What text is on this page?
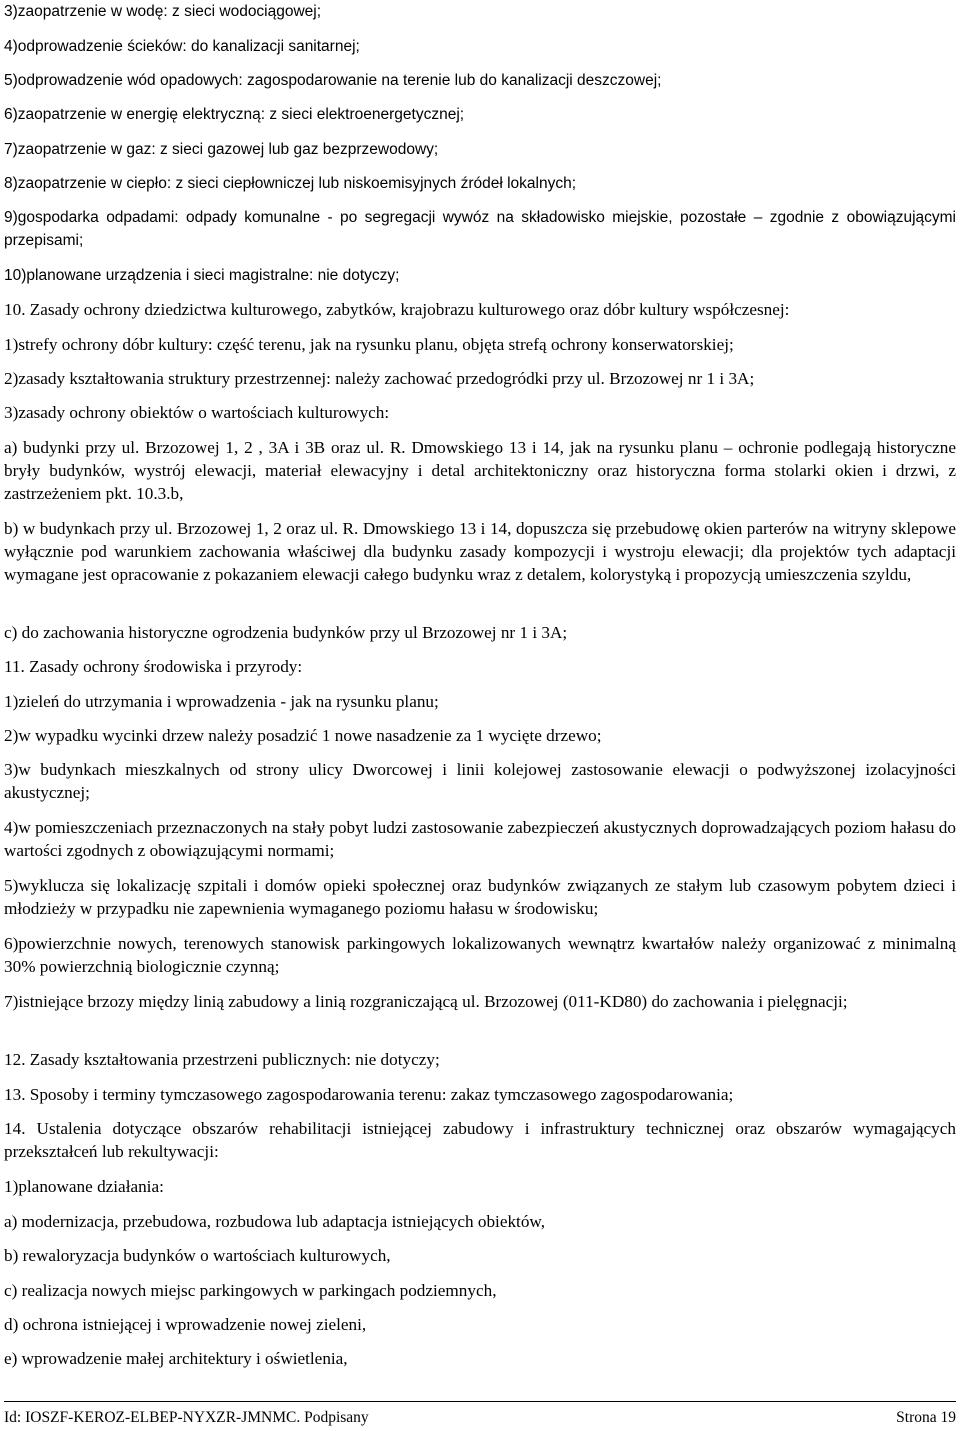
3)zaopatrzenie w wodę: z sieci wodociągowej;

4)odprowadzenie ścieków: do kanalizacji sanitarnej;

5)odprowadzenie wód opadowych: zagospodarowanie na terenie lub do kanalizacji deszczowej;

6)zaopatrzenie w energię elektryczną: z sieci elektroenergetycznej;

7)zaopatrzenie w gaz: z sieci gazowej lub gaz bezprzewodowy;

8)zaopatrzenie w ciepło: z sieci ciepłowniczej lub niskoemisyjnych źródeł lokalnych;

9)gospodarka odpadami: odpady komunalne - po segregacji wywóz na składowisko miejskie, pozostałe – zgodnie z obowiązującymi przepisami;

10)planowane urządzenia i sieci magistralne: nie dotyczy;

10. Zasady ochrony dziedzictwa kulturowego, zabytków, krajobrazu kulturowego oraz dóbr kultury współczesnej:

1)strefy ochrony dóbr kultury: część terenu, jak na rysunku planu, objęta strefą ochrony konserwatorskiej;

2)zasady kształtowania struktury przestrzennej: należy zachować przedogródki przy ul. Brzozowej nr 1 i 3A;

3)zasady ochrony obiektów o wartościach kulturowych:

a) budynki przy ul. Brzozowej 1, 2 , 3A i 3B oraz ul. R. Dmowskiego 13 i 14, jak na rysunku planu – ochronie podlegają historyczne bryły budynków, wystrój elewacji, materiał elewacyjny i detal architektoniczny oraz historyczna forma stolarki okien i drzwi, z zastrzeżeniem pkt. 10.3.b,

b) w budynkach przy ul. Brzozowej 1, 2 oraz ul. R. Dmowskiego 13 i 14, dopuszcza się przebudowę okien parterów na witryny sklepowe wyłącznie pod warunkiem zachowania właściwej dla budynku zasady kompozycji i wystroju elewacji; dla projektów tych adaptacji wymagane jest opracowanie z pokazaniem elewacji całego budynku wraz z detalem, kolorystyką i propozycją umieszczenia szyldu,

c) do zachowania historyczne ogrodzenia budynków przy ul Brzozowej nr 1 i 3A;

11. Zasady ochrony środowiska i przyrody:

1)zieleń do utrzymania i wprowadzenia - jak na rysunku planu;

2)w wypadku wycinki drzew należy posadzić 1 nowe nasadzenie za 1 wycięte drzewo;

3)w budynkach mieszkalnych od strony ulicy Dworcowej i linii kolejowej zastosowanie elewacji o podwyższonej izolacyjności akustycznej;

4)w pomieszczeniach przeznaczonych na stały pobyt ludzi zastosowanie zabezpieczeń akustycznych doprowadzających poziom hałasu do wartości zgodnych z obowiązującymi normami;

5)wyklucza się lokalizację szpitali i domów opieki społecznej oraz budynków związanych ze stałym lub czasowym pobytem dzieci i młodzieży w przypadku nie zapewnienia wymaganego poziomu hałasu w środowisku;

6)powierzchnie nowych, terenowych stanowisk parkingowych lokalizowanych wewnątrz kwartałów należy organizować z minimalną 30% powierzchnią biologicznie czynną;

7)istniejące brzozy między linią zabudowy a linią rozgraniczającą ul. Brzozowej (011-KD80) do zachowania i pielęgnacji;

12. Zasady kształtowania przestrzeni publicznych: nie dotyczy;

13. Sposoby i terminy tymczasowego zagospodarowania terenu: zakaz tymczasowego zagospodarowania;

14. Ustalenia dotyczące obszarów rehabilitacji istniejącej zabudowy i infrastruktury technicznej oraz obszarów wymagających przekształceń lub rekultywacji:

1)planowane działania:

a) modernizacja, przebudowa, rozbudowa lub adaptacja istniejących obiektów,

b) rewaloryzacja budynków o wartościach kulturowych,

c) realizacja nowych miejsc parkingowych w parkingach podziemnych,

d) ochrona istniejącej i wprowadzenie nowej zieleni,

e) wprowadzenie małej architektury i oświetlenia,

Id: IOSZF-KEROZ-ELBEP-NYXZR-JMNMC. Podpisany	Strona 19
